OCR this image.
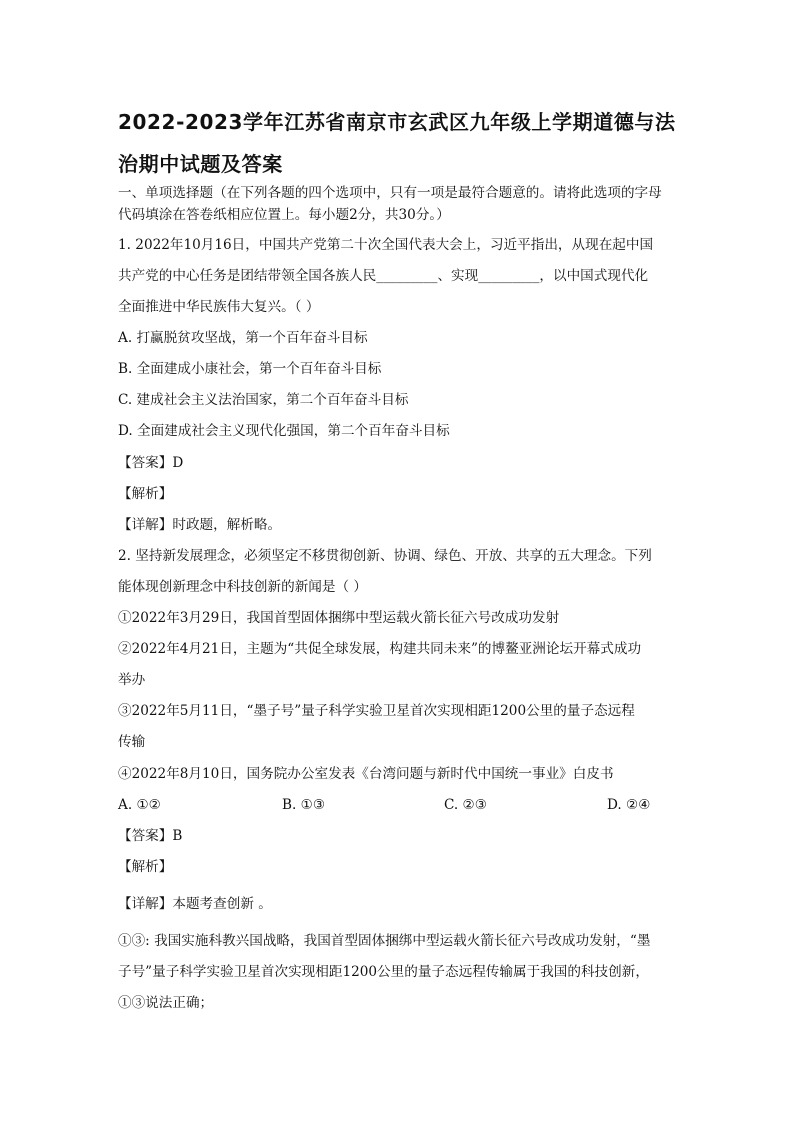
2022-2023学年江苏省南京市玄武区九年级上学期道德与法
治期中试题及答案
一、单项选择题（在下列各题的四个选项中，只有一项是最符合题意的。请将此选项的字母
代码填涂在答卷纸相应位置上。每小题2分，共30分。）
1. 2022年10月16日，中国共产党第二十次全国代表大会上，习近平指出，从现在起中国
共产党的中心任务是团结带领全国各族人民_________、实现_________，以中国式现代化
全面推进中华民族伟大复兴。（ ）
A. 打赢脱贫攻坚战，第一个百年奋斗目标
B. 全面建成小康社会，第一个百年奋斗目标
C. 建成社会主义法治国家，第二个百年奋斗目标
D. 全面建成社会主义现代化强国，第二个百年奋斗目标
【答案】D
【解析】
【详解】时政题，解析略。
2. 坚持新发展理念，必须坚定不移贯彻创新、协调、绿色、开放、共享的五大理念。下列
能体现创新理念中科技创新的新闻是（ ）
①2022年3月29日，我国首型固体捆绑中型运载火箭长征六号改成功发射
②2022年4月21日，主题为“共促全球发展，构建共同未来”的博鳌亚洲论坛开幕式成功
举办
③2022年5月11日，“墨子号”量子科学实验卫星首次实现相距1200公里的量子态远程
传输
④2022年8月10日，国务院办公室发表《台湾问题与新时代中国统一事业》白皮书
A. ①②	B. ①③	C. ②③	D. ②④
【答案】B
【解析】
【详解】本题考查创新 。
①③: 我国实施科教兴国战略，我国首型固体捆绑中型运载火箭长征六号改成功发射，“墨
子号”量子科学实验卫星首次实现相距1200公里的量子态远程传输属于我国的科技创新，
①③说法正确；
